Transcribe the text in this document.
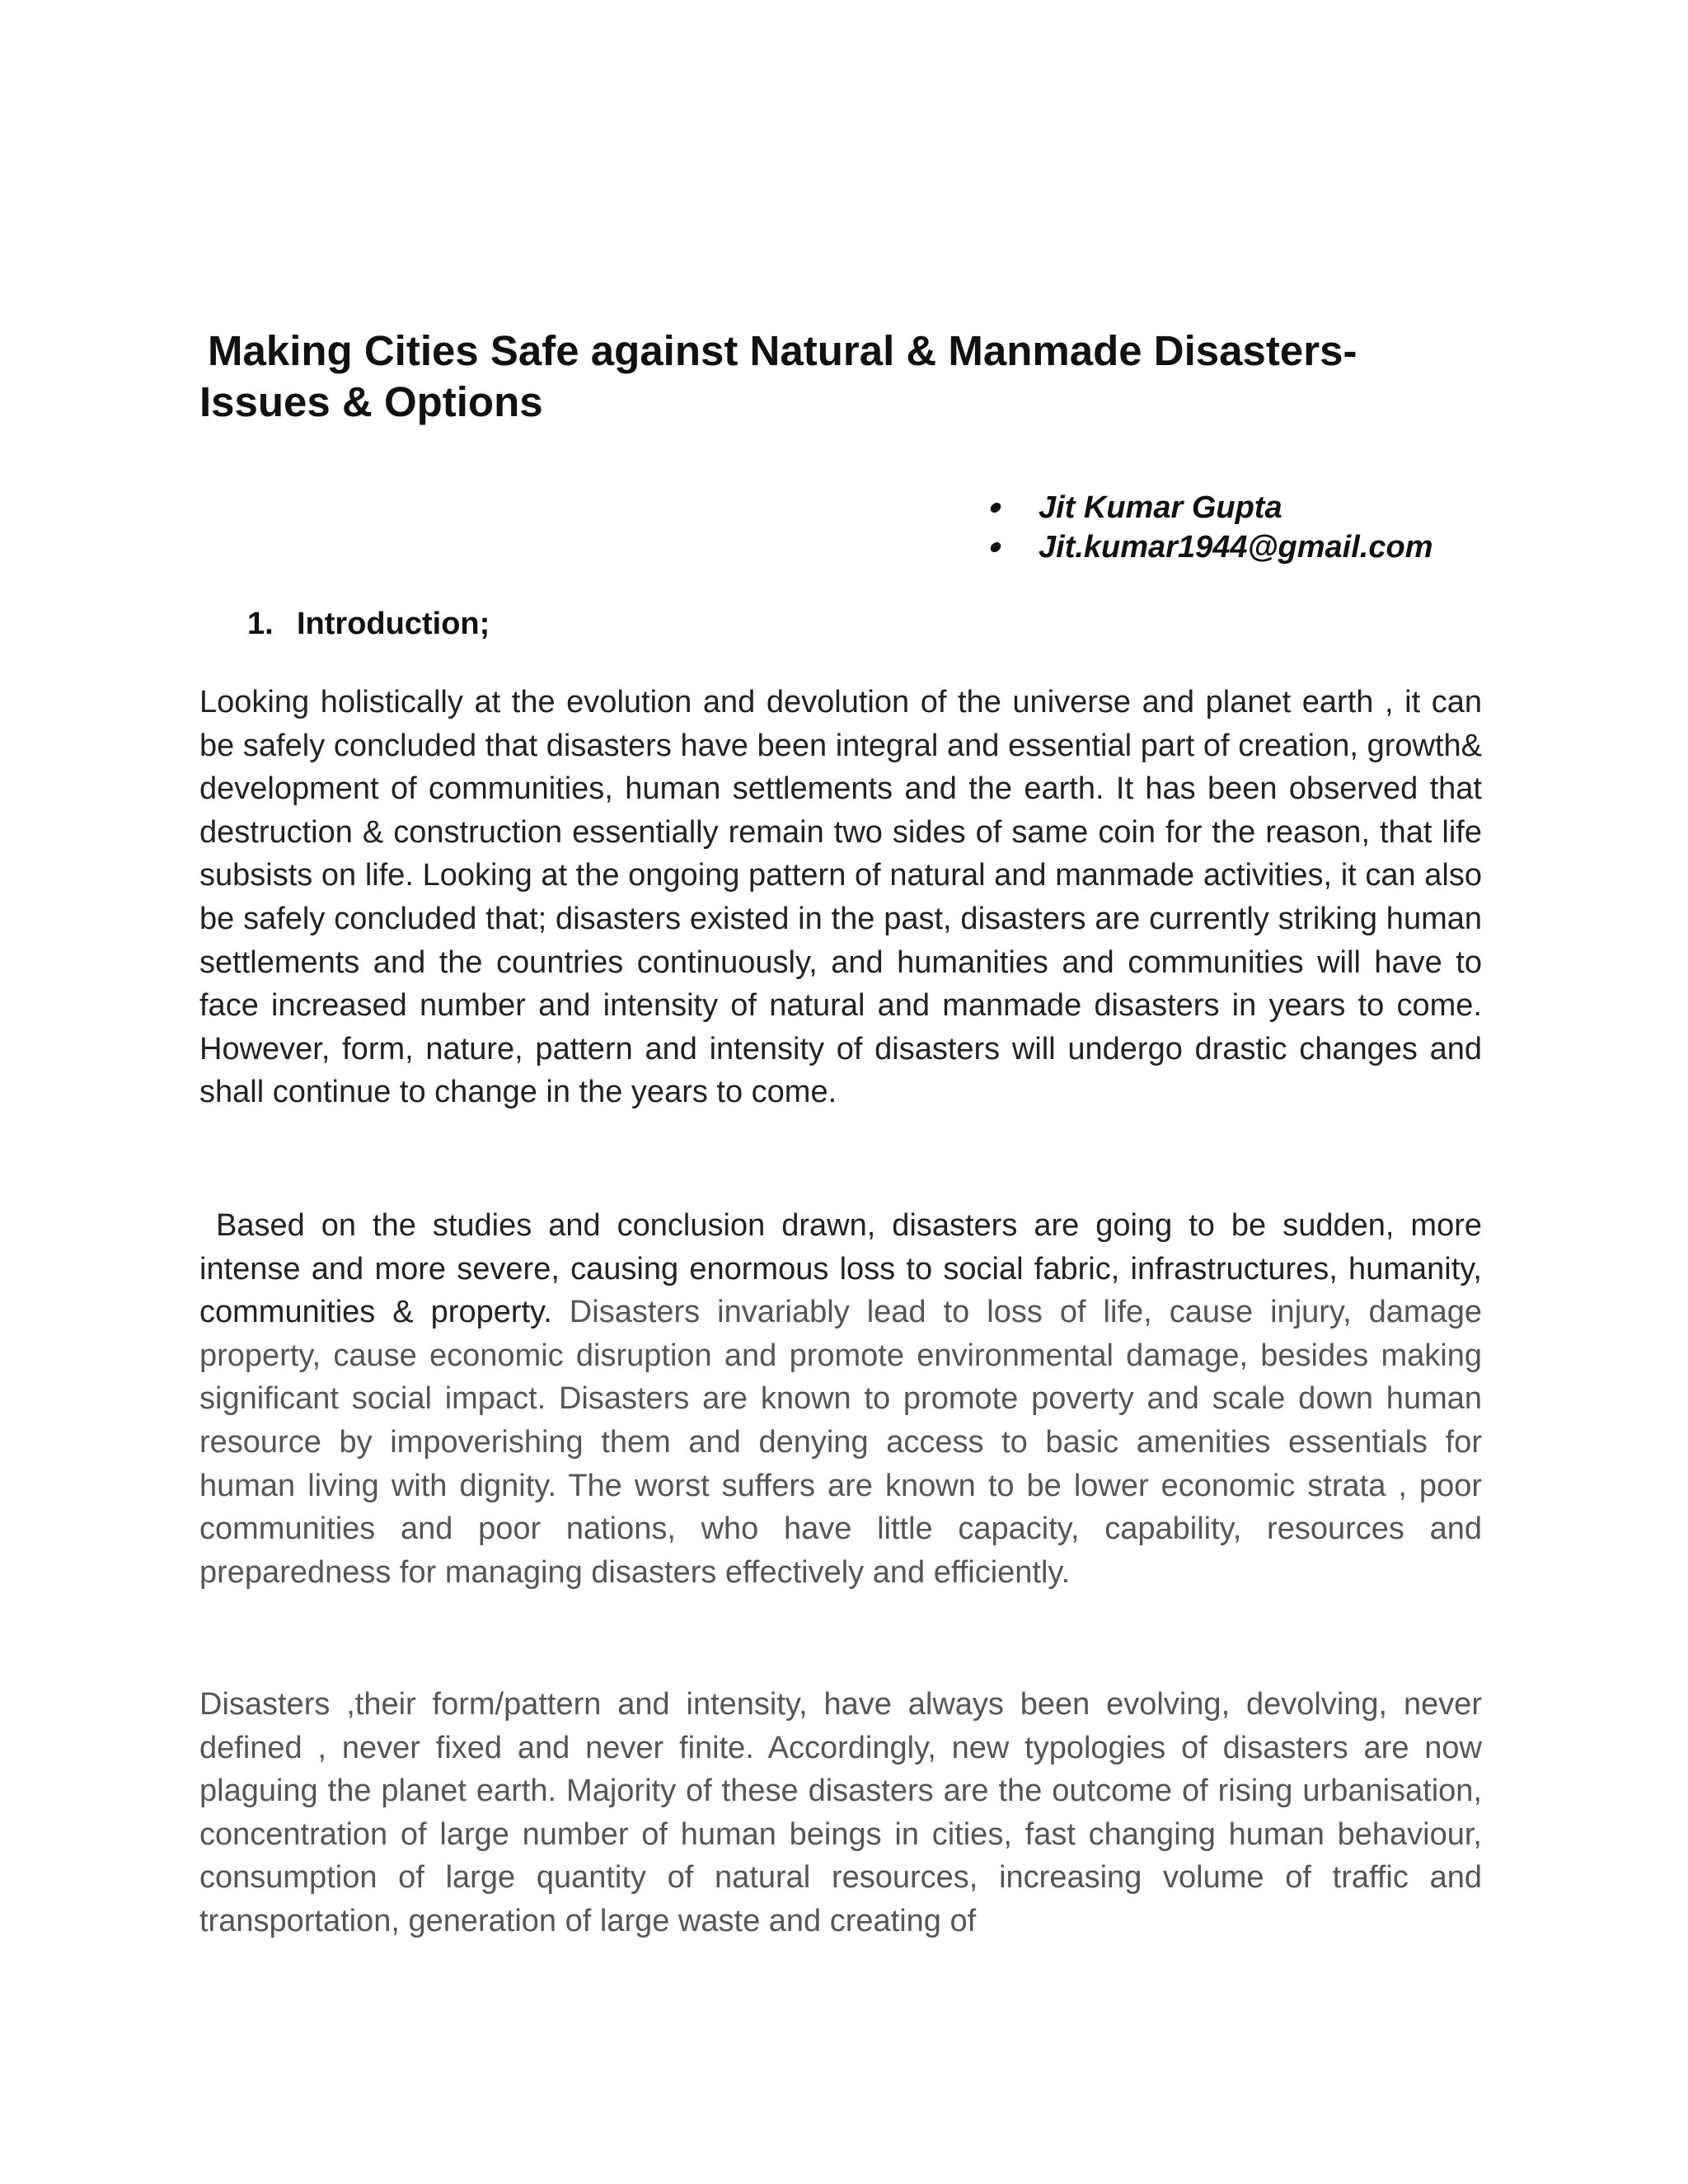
Making Cities Safe against Natural & Manmade Disasters-
Issues & Options
Jit Kumar Gupta
Jit.kumar1944@gmail.com
1. Introduction;

Looking holistically at the evolution and devolution of the universe and planet earth , it can be safely concluded that disasters have been integral and essential part of creation, growth& development of communities, human settlements and the earth. It has been observed that destruction & construction essentially remain two sides of same coin for the reason, that life subsists on life. Looking at the ongoing pattern of natural and manmade activities, it can also be safely concluded that; disasters existed in the past, disasters are currently striking human settlements and the countries continuously, and humanities and communities will have to face increased number and intensity of natural and manmade disasters in years to come. However, form, nature, pattern and intensity of disasters will undergo drastic changes and shall continue to change in the years to come.

Based on the studies and conclusion drawn, disasters are going to be sudden, more intense and more severe, causing enormous loss to social fabric, infrastructures, humanity, communities & property. Disasters invariably lead to loss of life, cause injury, damage property, cause economic disruption and promote environmental damage, besides making significant social impact. Disasters are known to promote poverty and scale down human resource by impoverishing them and denying access to basic amenities essentials for human living with dignity. The worst suffers are known to be lower economic strata , poor communities and poor nations, who have little capacity, capability, resources and preparedness for managing disasters effectively and efficiently.

Disasters ,their form/pattern and intensity, have always been evolving, devolving, never defined , never fixed and never finite. Accordingly, new typologies of disasters are now plaguing the planet earth. Majority of these disasters are the outcome of rising urbanisation, concentration of large number of human beings in cities, fast changing human behaviour, consumption of large quantity of natural resources, increasing volume of traffic and transportation, generation of large waste and creating of
